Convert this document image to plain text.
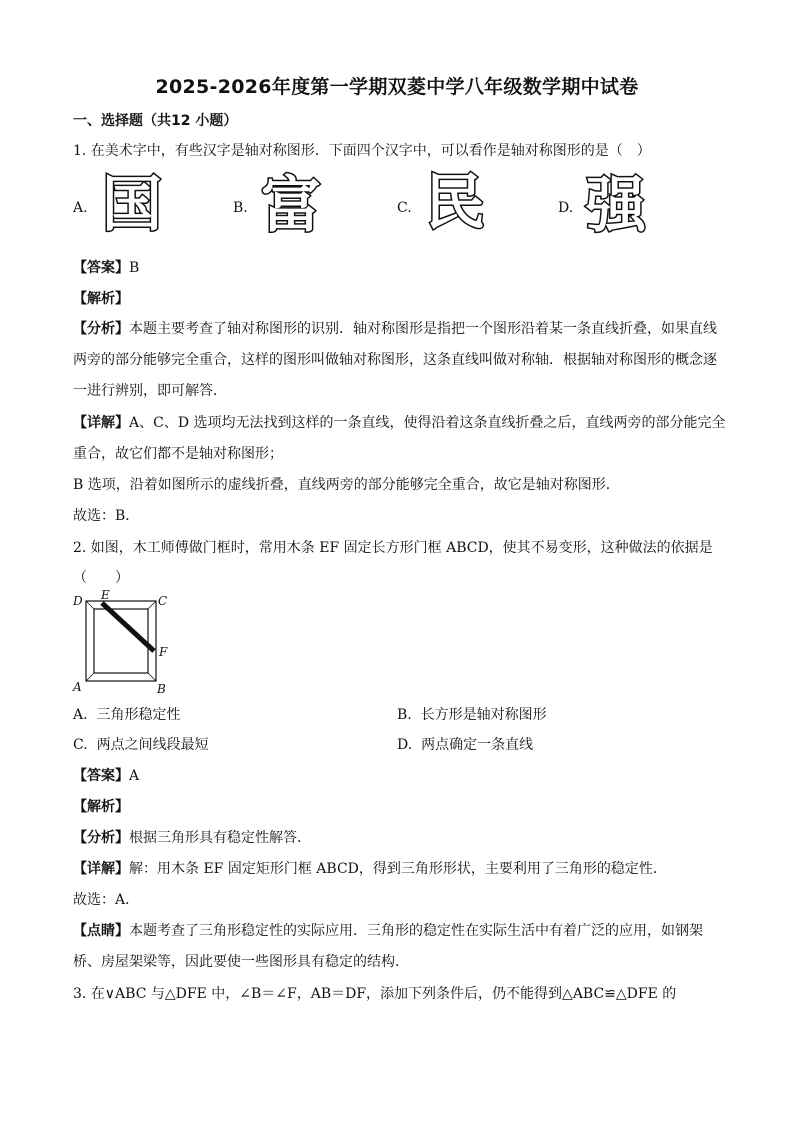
2025-2026年度第一学期双菱中学八年级数学期中试卷
一、选择题（共12 小题）
1. 在美术字中，有些汉字是轴对称图形．下面四个汉字中，可以看作是轴对称图形的是（　）
A. 国	B. 富	C. 民	D. 强
【答案】B
【解析】
【分析】本题主要考查了轴对称图形的识别．轴对称图形是指把一个图形沿着某一条直线折叠，如果直线
两旁的部分能够完全重合，这样的图形叫做轴对称图形，这条直线叫做对称轴．根据轴对称图形的概念逐
一进行辨别，即可解答．
【详解】A、C、D 选项均无法找到这样的一条直线，使得沿着这条直线折叠之后，直线两旁的部分能完全
重合，故它们都不是轴对称图形；
B 选项，沿着如图所示的虚线折叠，直线两旁的部分能够完全重合，故它是轴对称图形．
故选：B．
2. 如图，木工师傅做门框时，常用木条 EF 固定长方形门框 ABCD，使其不易变形，这种做法的依据是
（　　）
D	C
E
F
A	B
A. 三角形稳定性	B. 长方形是轴对称图形
C. 两点之间线段最短	D. 两点确定一条直线
【答案】A
【解析】
【分析】根据三角形具有稳定性解答．
【详解】解：用木条 EF 固定矩形门框 ABCD，得到三角形形状，主要利用了三角形的稳定性．
故选：A．
【点睛】本题考查了三角形稳定性的实际应用．三角形的稳定性在实际生活中有着广泛的应用，如钢架
桥、房屋架梁等，因此要使一些图形具有稳定的结构．
3. 在∨ABC 与△DFE 中，∠B＝∠F，AB＝DF，添加下列条件后，仍不能得到△ABC≌△DFE 的
